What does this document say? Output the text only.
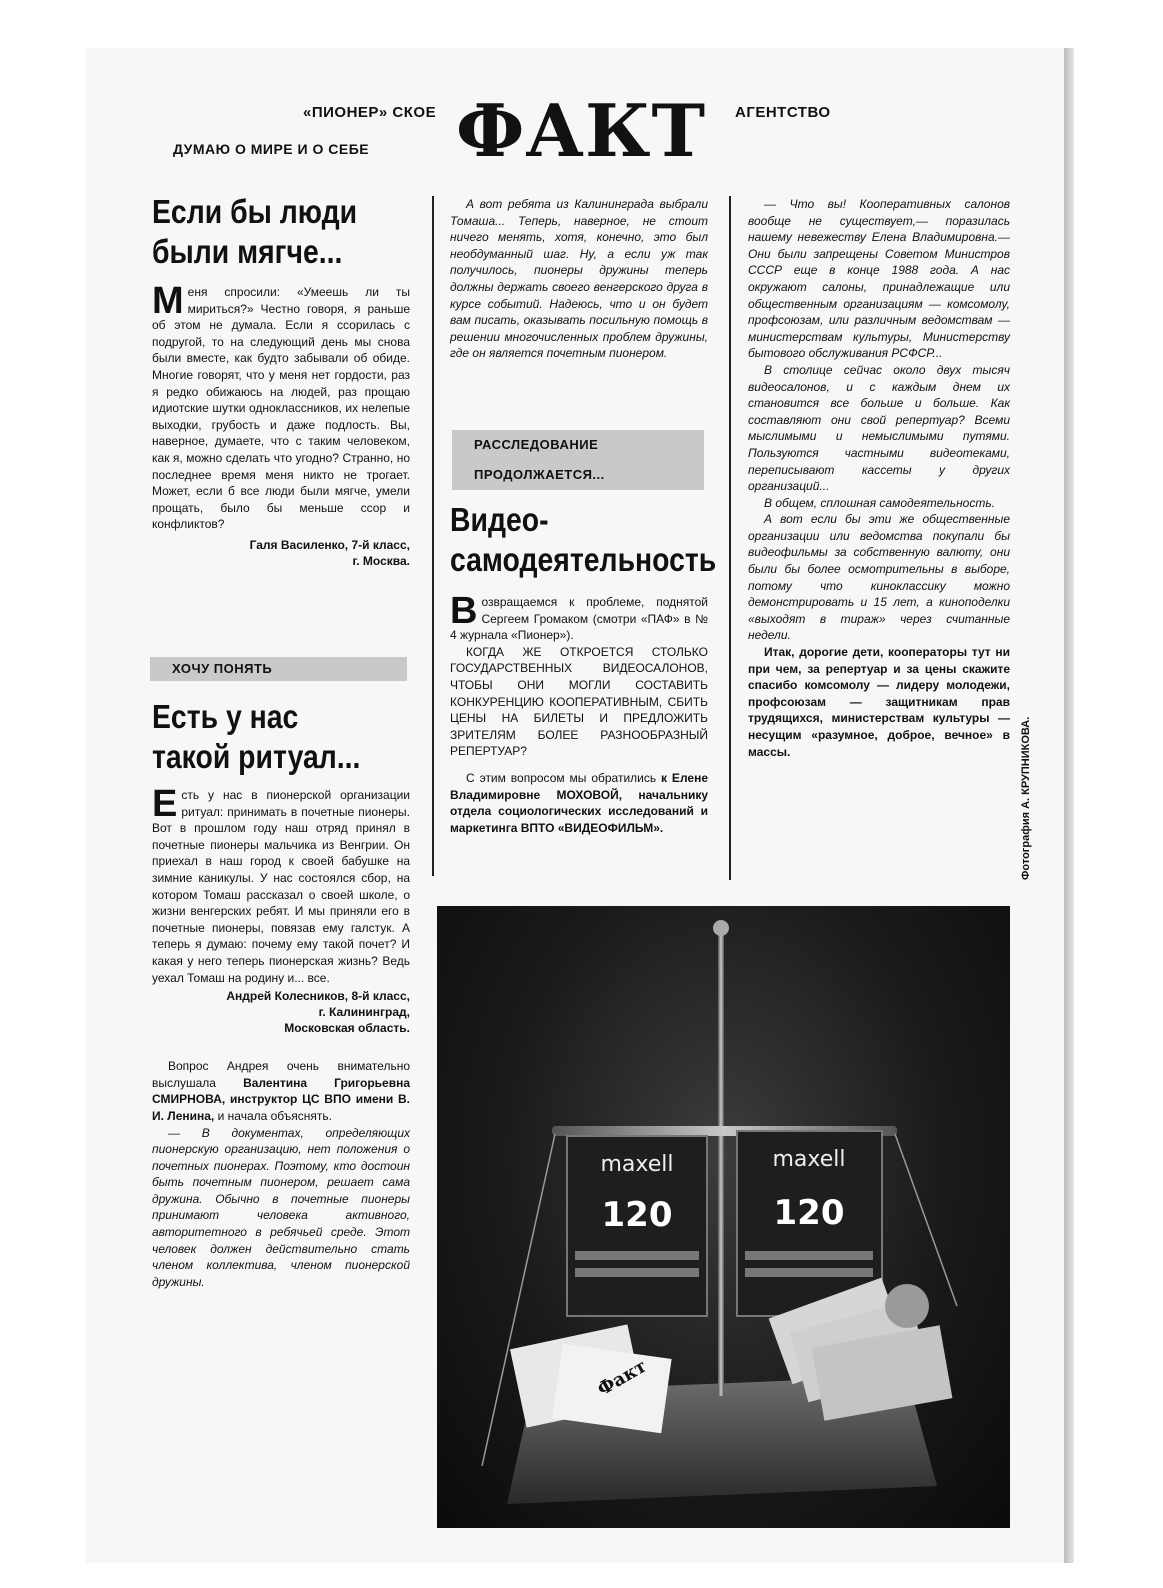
«ПИОНЕР» СКОЕ ФАКТ АГЕНТСТВО
ДУМАЮ О МИРЕ И О СЕБЕ
Если бы люди
были мягче...

Меня спросили: «Умеешь ли ты мириться?» Честно говоря, я раньше об этом не думала. Если я ссорилась с подругой, то на следующий день мы снова были вместе, как будто забывали об обиде. Многие говорят, что у меня нет гордости, раз я редко обижаюсь на людей, раз прощаю идиотские шутки одноклассников, их нелепые выходки, грубость и даже подлость. Вы, наверное, думаете, что с таким человеком, как я, можно сделать что угодно? Странно, но последнее время меня никто не трогает. Может, если б все люди были мягче, умели прощать, было бы меньше ссор и конфликтов?

Галя Василенко, 7-й класс,
г. Москва.
ХОЧУ ПОНЯТЬ
Есть у нас
такой ритуал...

Есть у нас в пионерской организации ритуал: принимать в почетные пионеры. Вот в прошлом году наш отряд принял в почетные пионеры мальчика из Венгрии. Он приехал в наш город к своей бабушке на зимние каникулы. У нас состоялся сбор, на котором Томаш рассказал о своей школе, о жизни венгерских ребят. И мы приняли его в почетные пионеры, повязав ему галстук. А теперь я думаю: почему ему такой почет? И какая у него теперь пионерская жизнь? Ведь уехал Томаш на родину и... все.

Андрей Колесников, 8-й класс,
г. Калининград,
Московская область.

Вопрос Андрея очень внимательно выслушала Валентина Григорьевна СМИРНОВА, инструктор ЦС ВПО имени В. И. Ленина, и начала объяснять.

— В документах, определяющих пионерскую организацию, нет положения о почетных пионерах. Поэтому, кто достоин быть почетным пионером, решает сама дружина. Обычно в почетные пионеры принимают человека активного, авторитетного в ребячьей среде. Этот человек должен действительно стать членом коллектива, членом пионерской дружины.

А вот ребята из Калининграда выбрали Томаша... Теперь, наверное, не стоит ничего менять, хотя, конечно, это был необдуманный шаг. Ну, а если уж так получилось, пионеры дружины теперь должны держать своего венгерского друга в курсе событий. Надеюсь, что и он будет вам писать, оказывать посильную помощь в решении многочисленных проблем дружины, где он является почетным пионером.

РАССЛЕДОВАНИЕ
ПРОДОЛЖАЕТСЯ...
Видео-
самодеятельность

Возвращаемся к проблеме, поднятой Сергеем Громаком (смотри «ПАФ» в № 4 журнала «Пионер»).

КОГДА ЖЕ ОТКРОЕТСЯ СТОЛЬКО ГОСУДАРСТВЕННЫХ ВИДЕОСАЛОНОВ, ЧТОБЫ ОНИ МОГЛИ СОСТАВИТЬ КОНКУРЕНЦИЮ КООПЕРАТИВНЫМ, СБИТЬ ЦЕНЫ НА БИЛЕТЫ И ПРЕДЛОЖИТЬ ЗРИТЕЛЯМ БОЛЕЕ РАЗНООБРАЗНЫЙ РЕПЕРТУАР?

С этим вопросом мы обратились к Елене Владимировне МОХОВОЙ, начальнику отдела социологических исследований и маркетинга ВПТО «ВИДЕОФИЛЬМ».

— Что вы! Кооперативных салонов вообще не существует,— поразилась нашему невежеству Елена Владимировна.— Они были запрещены Советом Министров СССР еще в конце 1988 года. А нас окружают салоны, принадлежащие или общественным организациям — комсомолу, профсоюзам, или различным ведомствам — министерствам культуры, Министерству бытового обслуживания РСФСР...

В столице сейчас около двух тысяч видеосалонов, и с каждым днем их становится все больше и больше. Как составляют они свой репертуар? Всеми мыслимыми и немыслимыми путями. Пользуются частными видеотеками, переписывают кассеты у других организаций...

В общем, сплошная самодеятельность.

А вот если бы эти же общественные организации или ведомства покупали бы видеофильмы за собственную валюту, они были бы более осмотрительны в выборе, потому что киноклассику можно демонстрировать и 15 лет, а киноподелки «выходят в тираж» через считанные недели.

Итак, дорогие дети, кооператоры тут ни при чем, за репертуар и за цены скажите спасибо комсомолу — лидеру молодежи, профсоюзам — защитникам прав трудящихся, министерствам культуры — несущим «разумное, доброе, вечное» в массы.	Фотография А. КРУПНИКОВА.
maxell
120
maxell
120
Факт
